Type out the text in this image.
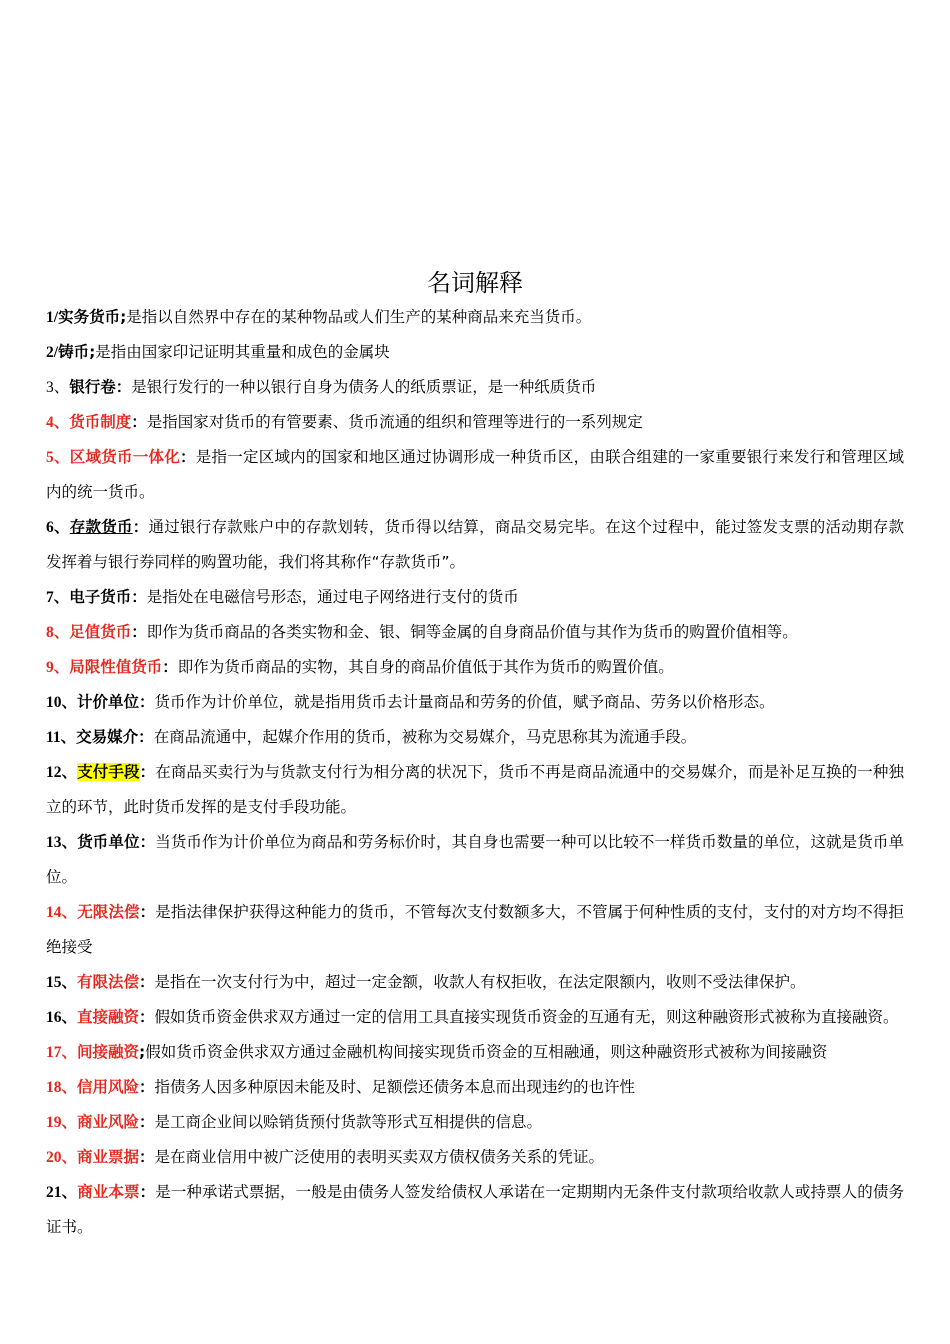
名词解释

1/实务货币;是指以自然界中存在的某种物品或人们生产的某种商品来充当货币。

2/铸币;是指由国家印记证明其重量和成色的金属块

3、银行卷：是银行发行的一种以银行自身为债务人的纸质票证，是一种纸质货币

4、货币制度：是指国家对货币的有管要素、货币流通的组织和管理等进行的一系列规定

5、区域货币一体化：是指一定区域内的国家和地区通过协调形成一种货币区，由联合组建的一家重要银行来发行和管理区域内的统一货币。

6、存款货币：通过银行存款账户中的存款划转，货币得以结算，商品交易完毕。在这个过程中，能过签发支票的活动期存款发挥着与银行券同样的购置功能，我们将其称作“存款货币”。

7、电子货币：是指处在电磁信号形态，通过电子网络进行支付的货币

8、足值货币：即作为货币商品的各类实物和金、银、铜等金属的自身商品价值与其作为货币的购置价值相等。

9、局限性值货币：即作为货币商品的实物，其自身的商品价值低于其作为货币的购置价值。

10、计价单位：货币作为计价单位，就是指用货币去计量商品和劳务的价值，赋予商品、劳务以价格形态。

11、交易媒介：在商品流通中，起媒介作用的货币，被称为交易媒介，马克思称其为流通手段。

12、支付手段：在商品买卖行为与货款支付行为相分离的状况下，货币不再是商品流通中的交易媒介，而是补足互换的一种独立的环节，此时货币发挥的是支付手段功能。

13、货币单位：当货币作为计价单位为商品和劳务标价时，其自身也需要一种可以比较不一样货币数量的单位，这就是货币单位。

14、无限法偿：是指法律保护获得这种能力的货币，不管每次支付数额多大，不管属于何种性质的支付，支付的对方均不得拒绝接受

15、有限法偿：是指在一次支付行为中，超过一定金额，收款人有权拒收，在法定限额内，收则不受法律保护。

16、直接融资：假如货币资金供求双方通过一定的信用工具直接实现货币资金的互通有无，则这种融资形式被称为直接融资。

17、间接融资;假如货币资金供求双方通过金融机构间接实现货币资金的互相融通，则这种融资形式被称为间接融资

18、信用风险：指债务人因多种原因未能及时、足额偿还债务本息而出现违约的也许性

19、商业风险：是工商企业间以赊销货预付货款等形式互相提供的信息。

20、商业票据：是在商业信用中被广泛使用的表明买卖双方债权债务关系的凭证。

21、商业本票：是一种承诺式票据，一般是由债务人签发给债权人承诺在一定期期内无条件支付款项给收款人或持票人的债务证书。
